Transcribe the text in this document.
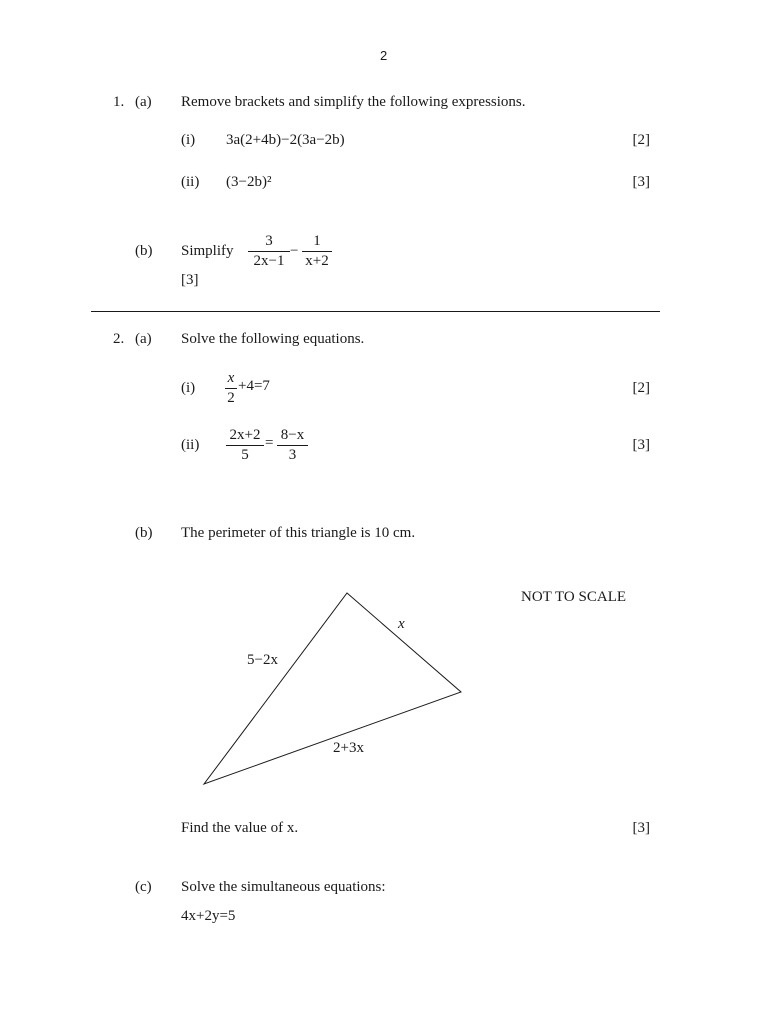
2
1. (a) Remove brackets and simplify the following expressions.
(i) 3a(2+4b)−2(3a−2b)	[2]
(ii) (3−2b)²	[3]
(b) Simplify
3
2x−1
−
1
x+2
[3]
2. (a) Solve the following equations.
(i)
x
2
+4=7	[2]
(ii)
2x+2
5
= 8−x
3
[3]
(b) The perimeter of this triangle is 10 cm.
NOT TO SCALE
5−2x
x
2+3x
Find the value of x.	[3]
(c) Solve the simultaneous equations:
4x+2y=5
